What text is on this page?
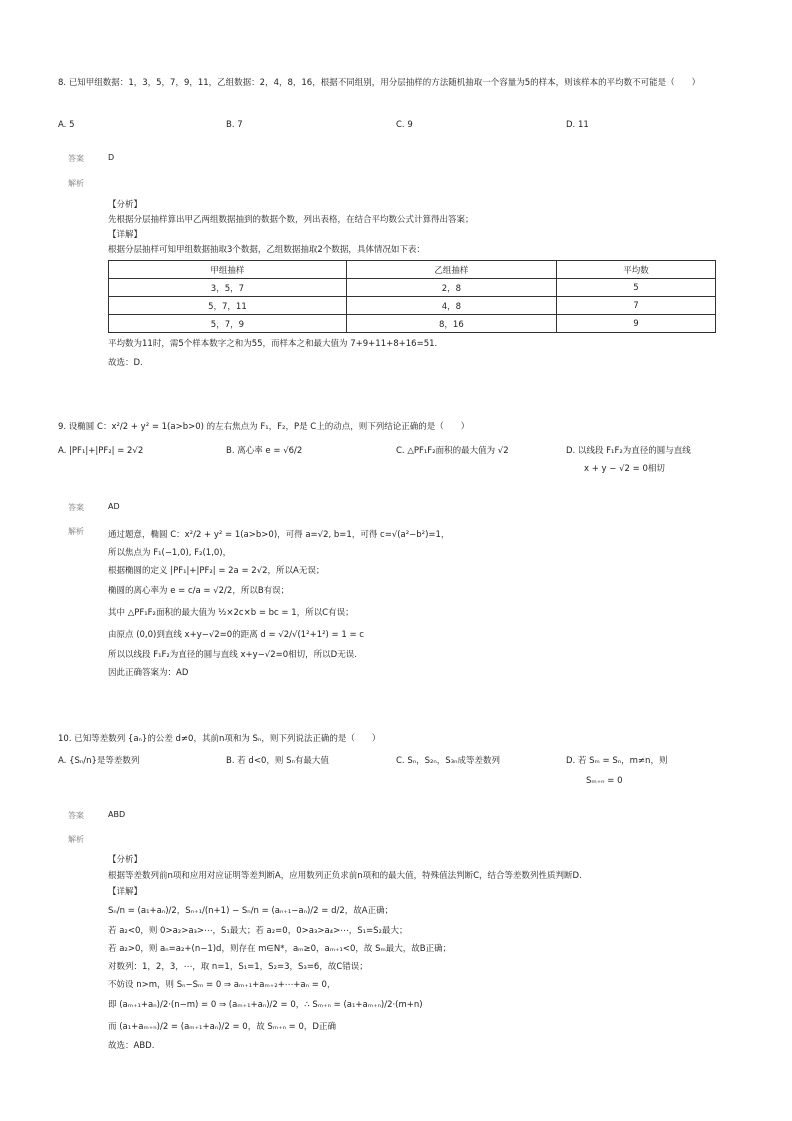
8. 已知甲组数据：1，3，5，7，9，11，乙组数据：2，4，8，16，根据不同组别，用分层抽样的方法随机抽取一个容量为5的样本，则该样本的平均数不可能是（　　）
A. 5	B. 7	C. 9	D. 11
答案	D
解析
【分析】
先根据分层抽样算出甲乙两组数据抽到的数据个数，列出表格，在结合平均数公式计算得出答案；
【详解】
根据分层抽样可知甲组数据抽取3个数据，乙组数据抽取2个数据，具体情况如下表：
甲组抽样	乙组抽样	平均数
3，5，7	2，8	5
5，7，11	4，8	7
5，7，9	8，16	9
平均数为11时，需5个样本数字之和为55，而样本之和最大值为 7+9+11+8+16=51.
故选：D.
9. 设椭圆 C：x²/2 + y² = 1(a>b>0) 的左右焦点为 F₁，F₂，P是 C上的动点，则下列结论正确的是（　　）
A. |PF₁|+|PF₂| = 2√2	B. 离心率 e = √6/2	C. △PF₁F₂面积的最大值为 √2	D. 以线段 F₁F₂为直径的圆与直线
x + y − √2 = 0相切
答案	AD
解析	通过题意，椭圆 C：x²/2 + y² = 1(a>b>0)，可得 a=√2, b=1，可得 c=√(a²−b²)=1，
所以焦点为 F₁(−1,0), F₂(1,0)，
根据椭圆的定义 |PF₁|+|PF₂| = 2a = 2√2，所以A无误；
椭圆的离心率为 e = c/a = √2/2，所以B有误；
其中 △PF₁F₂面积的最大值为 ½×2c×b = bc = 1，所以C有误；
由原点 (0,0)到直线 x+y−√2=0的距离 d = √2/√(1²+1²) = 1 = c
所以以线段 F₁F₂为直径的圆与直线 x+y−√2=0相切，所以D无误.
因此正确答案为：AD
10. 已知等差数列 {aₙ}的公差 d≠0，其前n项和为 Sₙ，则下列说法正确的是（　　）
A. {Sₙ/n}是等差数列	B. 若 d<0，则 Sₙ有最大值	C. Sₙ，S₂ₙ，S₃ₙ成等差数列	D. 若 Sₘ = Sₙ，m≠n，则
Sₘ₊ₙ = 0
答案	ABD
解析
【分析】
根据等差数列前n项和应用对应证明等差判断A，应用数列正负求前n项和的最大值，特殊值法判断C，结合等差数列性质判断D.
【详解】
Sₙ/n = (a₁+aₙ)/2，Sₙ₊₁/(n+1) − Sₙ/n = (aₙ₊₁−aₙ)/2 = d/2，故A正确；
若 a₂<0，则 0>a₂>a₃>⋯，S₁最大；若 a₂=0，0>a₃>a₄>⋯，S₁=S₂最大；
若 a₂>0，则 aₙ=a₂+(n−1)d，则存在 m∈N*，aₘ≥0，aₘ₊₁<0，故 Sₘ最大，故B正确；
对数列：1，2，3，⋯，取 n=1，S₁=1，S₂=3，S₃=6，故C错误；
不妨设 n>m，则 Sₙ−Sₘ = 0 ⇒ aₘ₊₁+aₘ₊₂+⋯+aₙ = 0，
即 (aₘ₊₁+aₙ)/2·(n−m) = 0 ⇒ (aₘ₊₁+aₙ)/2 = 0，∴ Sₘ₊ₙ = (a₁+aₘ₊ₙ)/2·(m+n)
而 (a₁+aₘ₊ₙ)/2 = (aₘ₊₁+aₙ)/2 = 0，故 Sₘ₊ₙ = 0，D正确
故选：ABD.
